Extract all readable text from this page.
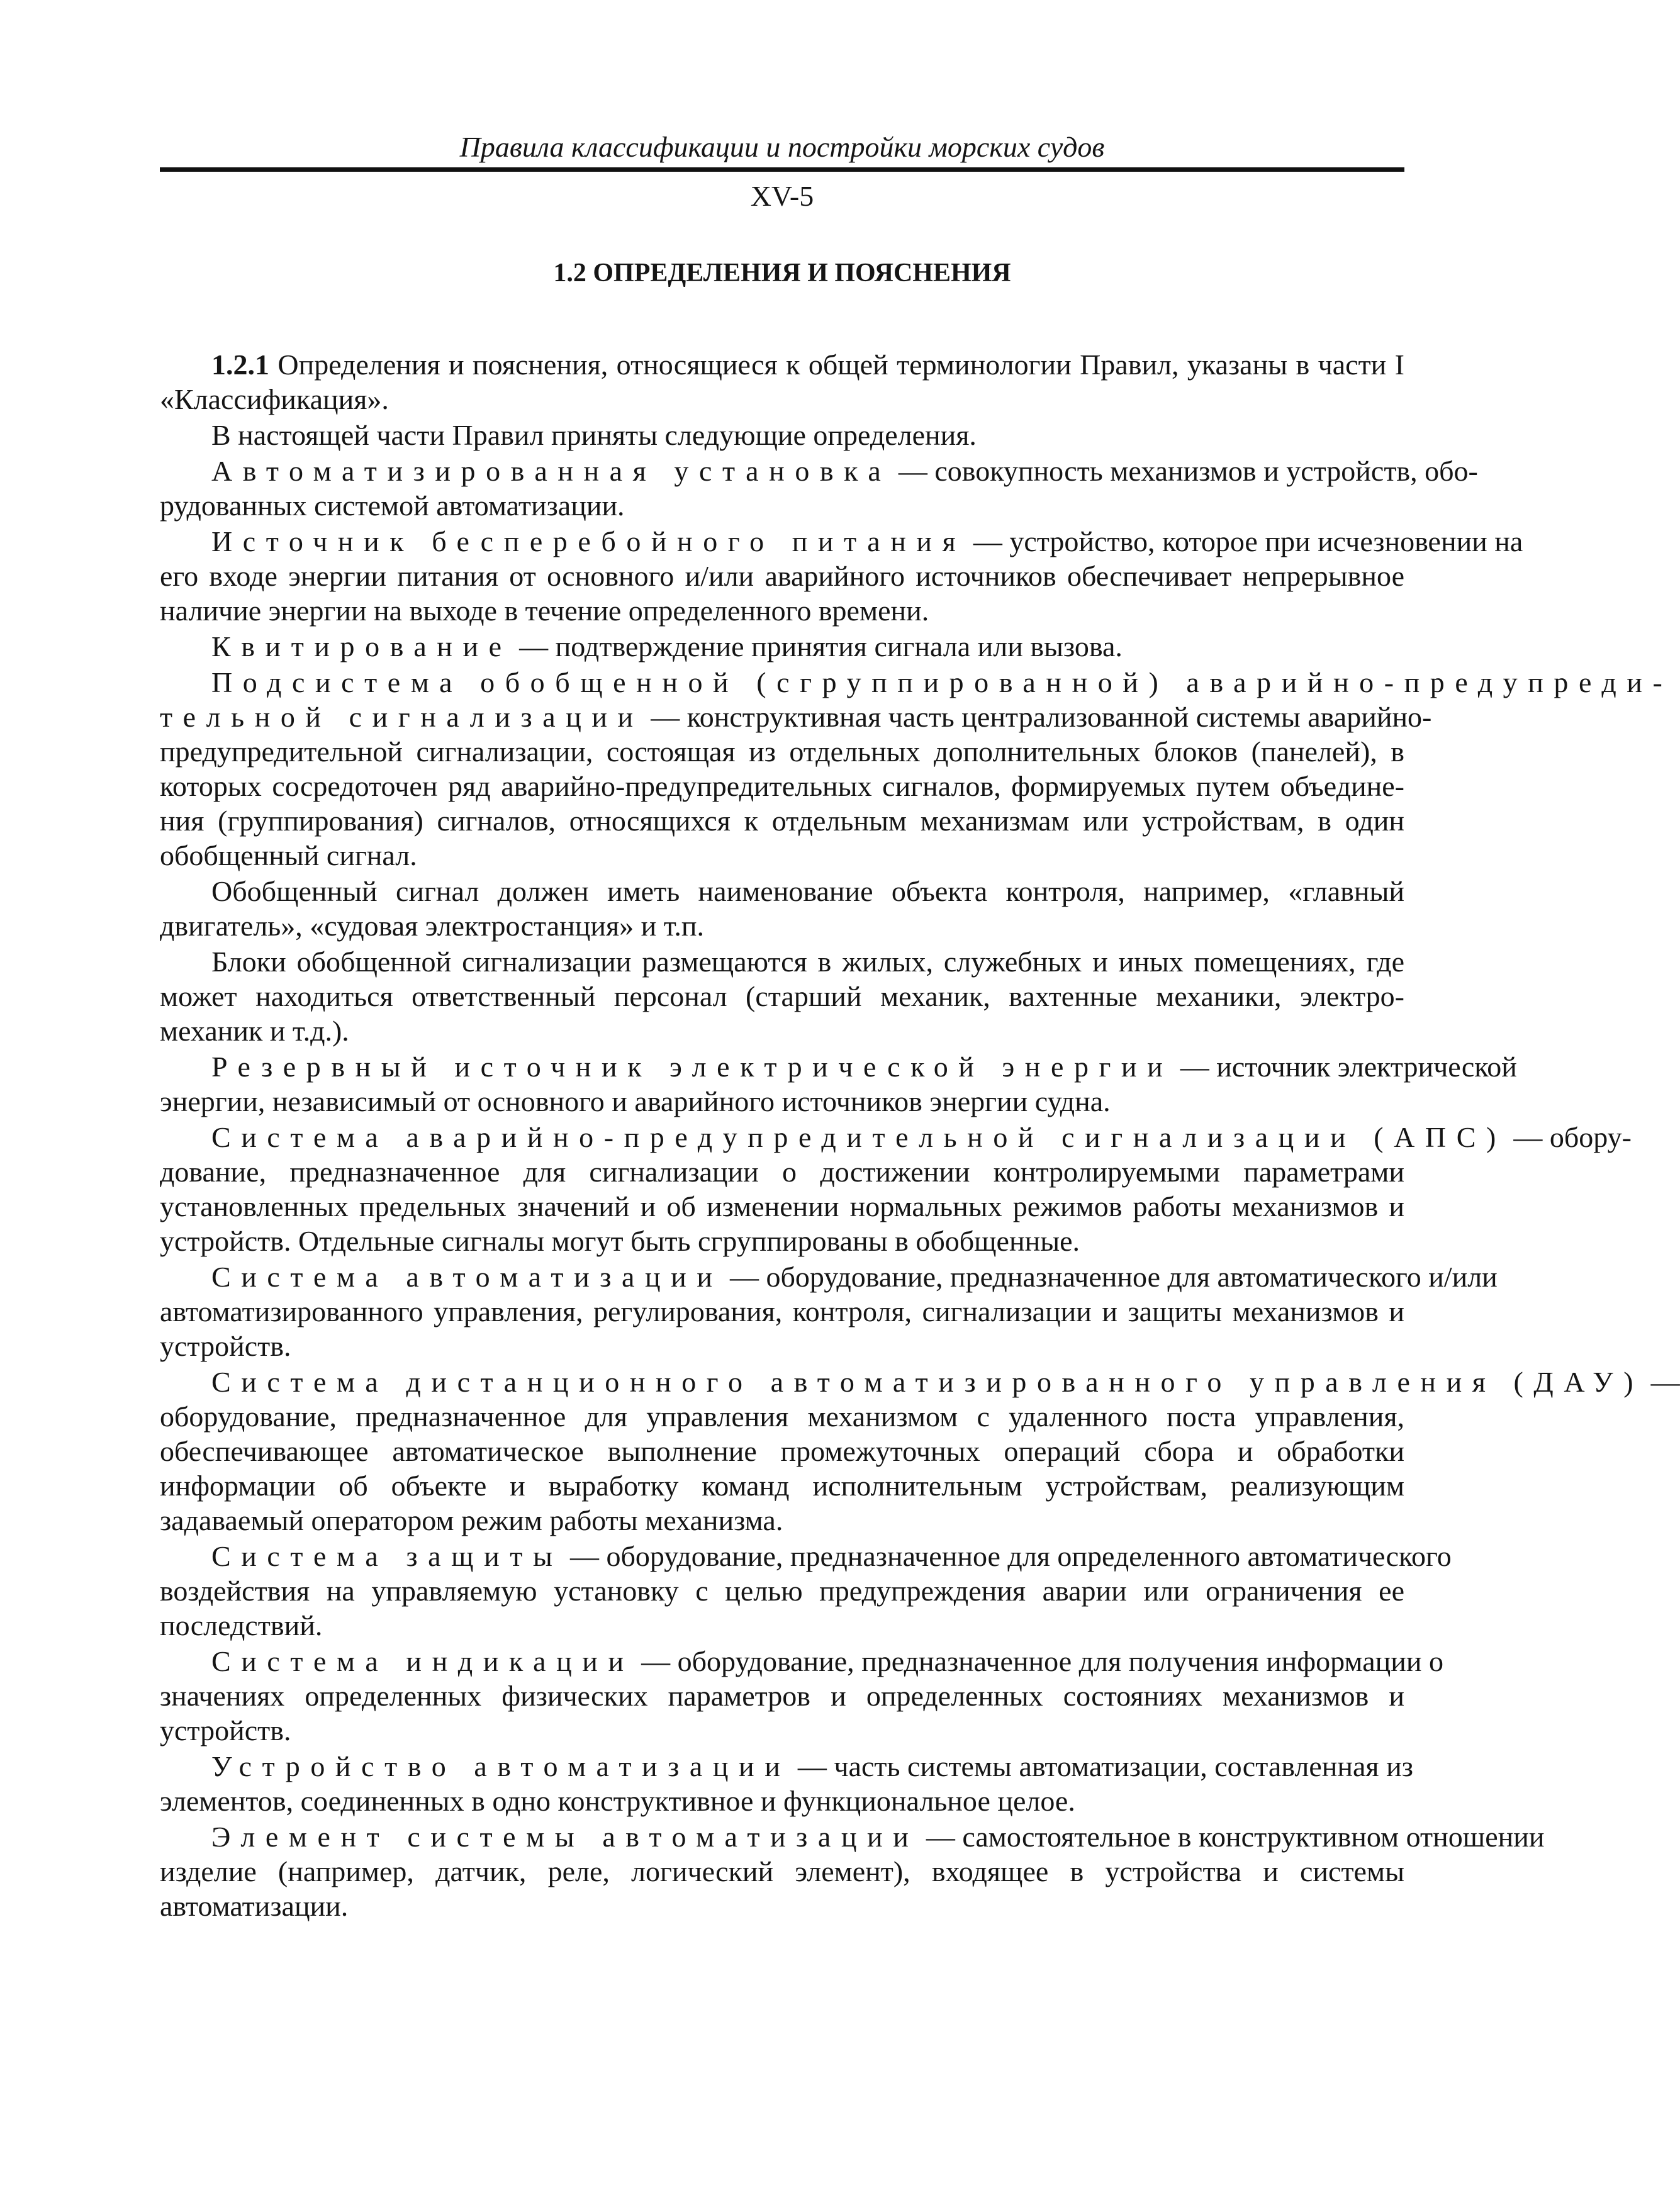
Правила классификации и постройки морских судов
XV-5
1.2 ОПРЕДЕЛЕНИЯ И ПОЯСНЕНИЯ
1.2.1 Определения и пояснения, относящиеся к общей терминологии Правил, указаны в части I
«Классификация».
В настоящей части Правил приняты следующие определения.
Автоматизированная установка — совокупность механизмов и устройств, обо-
рудованных системой автоматизации.
Источник бесперебойного питания — устройство, которое при исчезновении на
его входе энергии питания от основного и/или аварийного источников обеспечивает непрерывное
наличие энергии на выходе в течение определенного времени.
Квитирование — подтверждение принятия сигнала или вызова.
Подсистема обобщенной (сгруппированной) аварийно-предупреди-
тельной сигнализации — конструктивная часть централизованной системы аварийно-
предупредительной сигнализации, состоящая из отдельных дополнительных блоков (панелей), в
которых сосредоточен ряд аварийно-предупредительных сигналов, формируемых путем объедине-
ния (группирования) сигналов, относящихся к отдельным механизмам или устройствам, в один
обобщенный сигнал.
Обобщенный сигнал должен иметь наименование объекта контроля, например, «главный
двигатель», «судовая электростанция» и т.п.
Блоки обобщенной сигнализации размещаются в жилых, служебных и иных помещениях, где
может находиться ответственный персонал (старший механик, вахтенные механики, электро-
механик и т.д.).
Резервный источник электрической энергии — источник электрической
энергии, независимый от основного и аварийного источников энергии судна.
Система аварийно-предупредительной сигнализации (АПС) — обору-
дование, предназначенное для сигнализации о достижении контролируемыми параметрами
установленных предельных значений и об изменении нормальных режимов работы механизмов и
устройств. Отдельные сигналы могут быть сгруппированы в обобщенные.
Система автоматизации — оборудование, предназначенное для автоматического и/или
автоматизированного управления, регулирования, контроля, сигнализации и защиты механизмов и
устройств.
Система дистанционного автоматизированного управления (ДАУ) —
оборудование, предназначенное для управления механизмом с удаленного поста управления,
обеспечивающее автоматическое выполнение промежуточных операций сбора и обработки
информации об объекте и выработку команд исполнительным устройствам, реализующим
задаваемый оператором режим работы механизма.
Система защиты — оборудование, предназначенное для определенного автоматического
воздействия на управляемую установку с целью предупреждения аварии или ограничения ее
последствий.
Система индикации — оборудование, предназначенное для получения информации о
значениях определенных физических параметров и определенных состояниях механизмов и
устройств.
Устройство автоматизации — часть системы автоматизации, составленная из
элементов, соединенных в одно конструктивное и функциональное целое.
Элемент системы автоматизации — самостоятельное в конструктивном отношении
изделие (например, датчик, реле, логический элемент), входящее в устройства и системы
автоматизации.
